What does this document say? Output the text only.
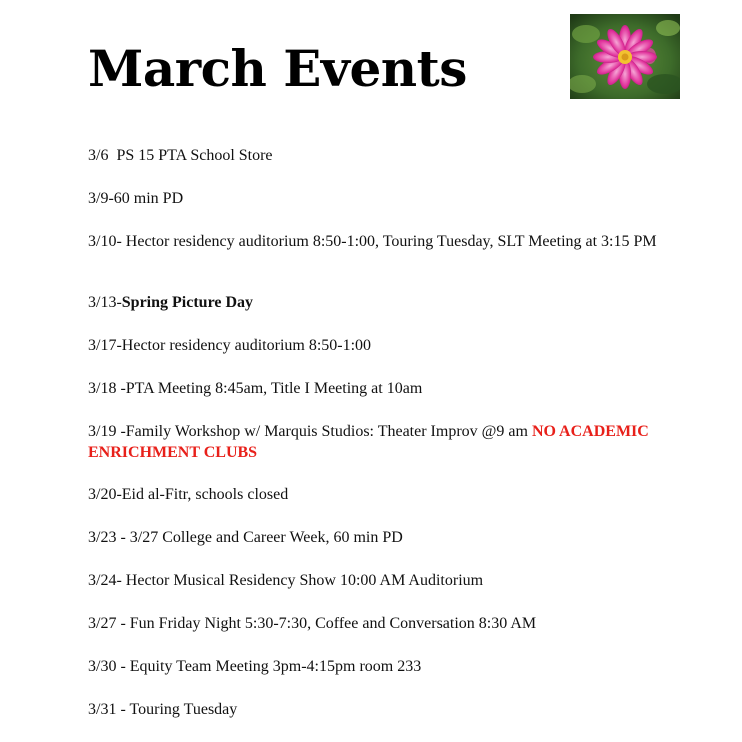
March Events
3/6  PS 15 PTA School Store
3/9-60 min PD
3/10- Hector residency auditorium 8:50-1:00, Touring Tuesday, SLT Meeting at 3:15 PM
3/13-Spring Picture Day
3/17-Hector residency auditorium 8:50-1:00
3/18 -PTA Meeting 8:45am, Title I Meeting at 10am
3/19 -Family Workshop w/ Marquis Studios: Theater Improv @9 am NO ACADEMIC ENRICHMENT CLUBS
3/20-Eid al-Fitr, schools closed
3/23 - 3/27 College and Career Week, 60 min PD
3/24- Hector Musical Residency Show 10:00 AM Auditorium
3/27 - Fun Friday Night 5:30-7:30, Coffee and Conversation 8:30 AM
3/30 - Equity Team Meeting 3pm-4:15pm room 233
3/31 - Touring Tuesday
